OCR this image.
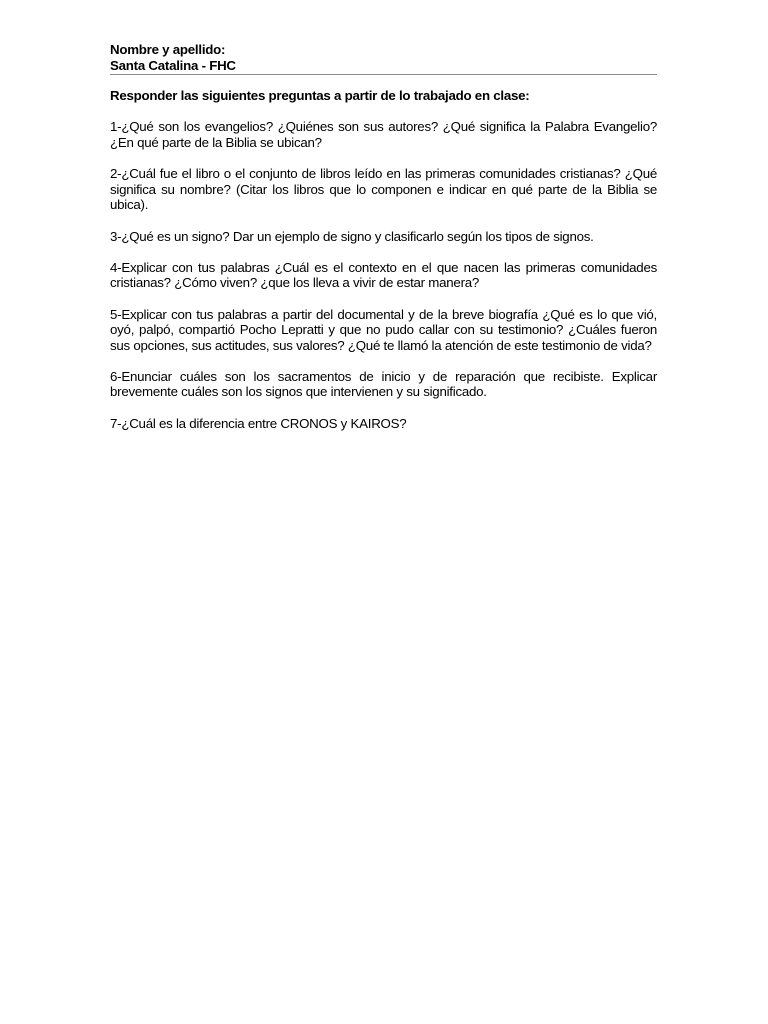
Nombre y apellido:
Santa Catalina - FHC
Responder las siguientes preguntas a partir de lo trabajado en clase:

1-¿Qué son los evangelios? ¿Quiénes son sus autores? ¿Qué significa la Palabra Evangelio? ¿En qué parte de la Biblia se ubican?

2-¿Cuál fue el libro o el conjunto de libros leído en las primeras comunidades cristianas? ¿Qué significa su nombre? (Citar los libros que lo componen e indicar en qué parte de la Biblia se ubica).

3-¿Qué es un signo? Dar un ejemplo de signo y clasificarlo según los tipos de signos.

4-Explicar con tus palabras ¿Cuál es el contexto en el que nacen las primeras comunidades cristianas? ¿Cómo viven? ¿que los lleva a vivir de estar manera?

5-Explicar con tus palabras a partir del documental y de la breve biografía ¿Qué es lo que vió, oyó, palpó, compartió Pocho Lepratti y que no pudo callar con su testimonio? ¿Cuáles fueron sus opciones, sus actitudes, sus valores? ¿Qué te llamó la atención de este testimonio de vida?

6-Enunciar cuáles son los sacramentos de inicio y de reparación que recibiste. Explicar brevemente cuáles son los signos que intervienen y su significado.

7-¿Cuál es la diferencia entre CRONOS y KAIROS?
